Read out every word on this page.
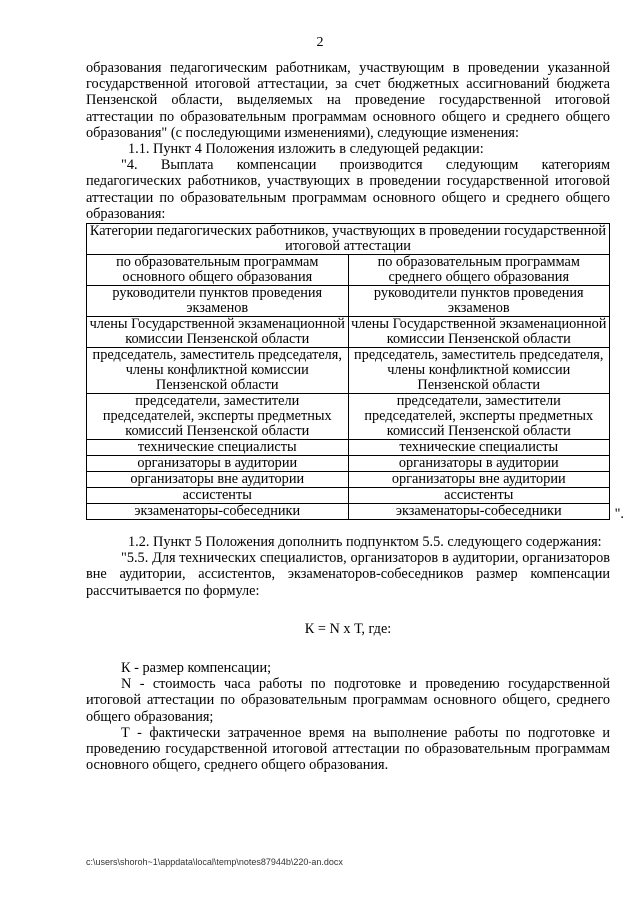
2

образования педагогическим работникам, участвующим в проведении указанной государственной итоговой аттестации, за счет бюджетных ассигнований бюджета Пензенской области, выделяемых на проведение государственной итоговой аттестации по образовательным программам основного общего и среднего общего образования" (с последующими изменениями), следующие изменения:

1.1. Пункт 4 Положения изложить в следующей редакции:

"4. Выплата компенсации производится следующим категориям педагогических работников, участвующих в проведении государственной итоговой аттестации по образовательным программам основного общего и среднего общего образования:

Категории педагогических работников, участвующих в проведении государственной итоговой аттестации	
по образовательным программам основного общего образования	по образовательным программам среднего общего образования
руководители пунктов проведения экзаменов	руководители пунктов проведения экзаменов
члены Государственной экзаменационной комиссии Пензенской области	члены Государственной экзаменационной комиссии Пензенской области
председатель, заместитель председателя, члены конфликтной комиссии Пензенской области	председатель, заместитель председателя, члены конфликтной комиссии Пензенской области
председатели, заместители председателей, эксперты предметных комиссий Пензенской области	председатели, заместители председателей, эксперты предметных комиссий Пензенской области
технические специалисты	технические специалисты
организаторы в аудитории	организаторы в аудитории
организаторы вне аудитории	организаторы вне аудитории
ассистенты	ассистенты
экзаменаторы-собеседники	экзаменаторы-собеседники	".

1.2. Пункт 5 Положения дополнить подпунктом 5.5. следующего содержания:

"5.5. Для технических специалистов, организаторов в аудитории, организаторов вне аудитории, ассистентов, экзаменаторов-собеседников размер компенсации рассчитывается по формуле:

К = N х Т, где:

К - размер компенсации;

N - стоимость часа работы по подготовке и проведению государственной итоговой аттестации по образовательным программам основного общего, среднего общего образования;

Т - фактически затраченное время на выполнение работы по подготовке и проведению государственной итоговой аттестации по образовательным программам основного общего, среднего общего образования.

c:\users\shoroh~1\appdata\local\temp\notes87944b\220-an.docx
